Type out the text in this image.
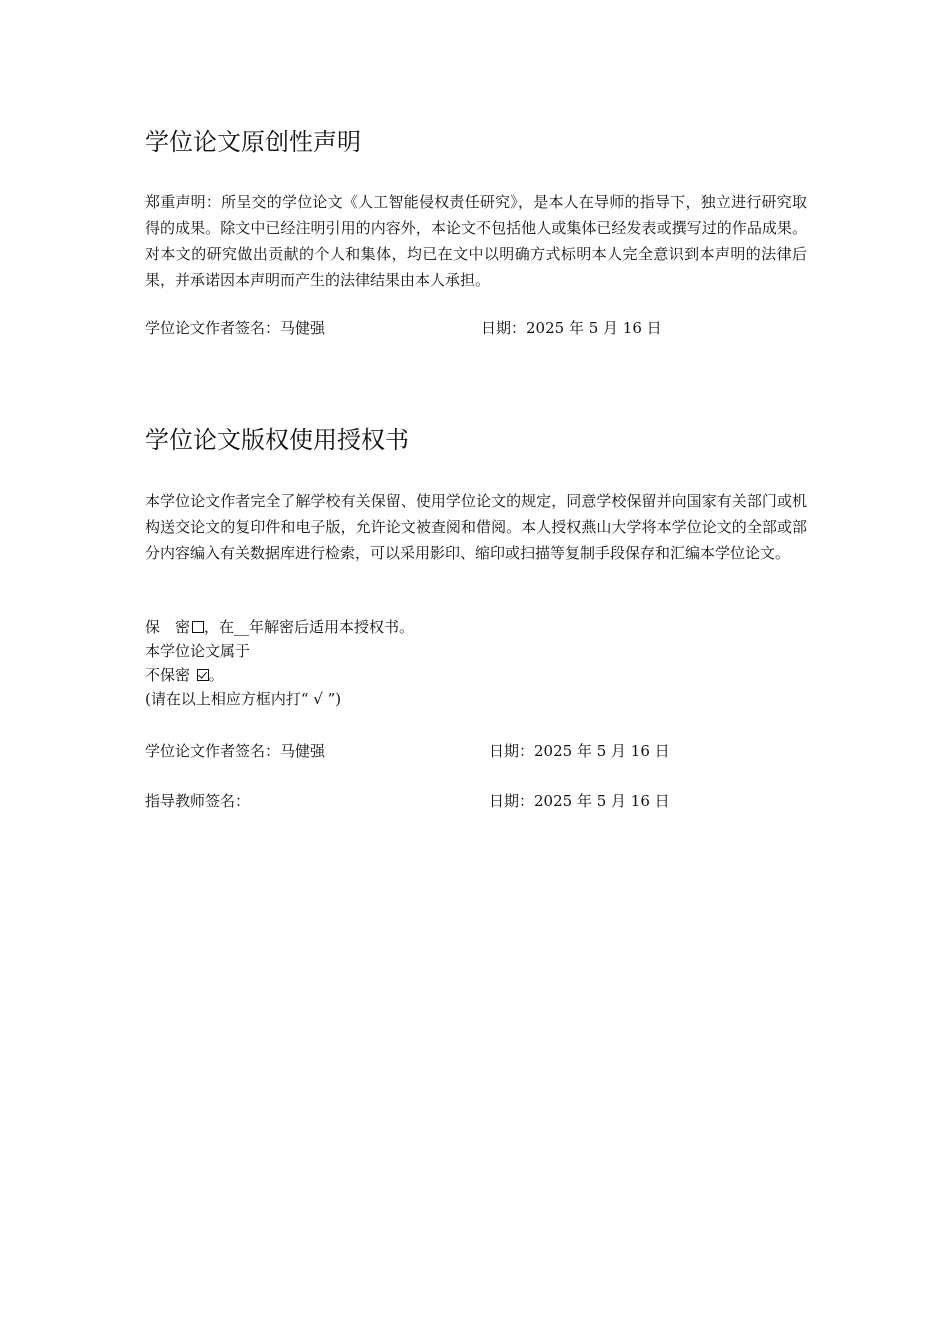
学位论文原创性声明
郑重声明：所呈交的学位论文《人工智能侵权责任研究》，是本人在导师的指导下，独立进行研究取得的成果。除文中已经注明引用的内容外，本论文不包括他人或集体已经发表或撰写过的作品成果。对本文的研究做出贡献的个人和集体，均已在文中以明确方式标明本人完全意识到本声明的法律后果，并承诺因本声明而产生的法律结果由本人承担。
学位论文作者签名：马健强	日期：2025 年 5 月 16 日
学位论文版权使用授权书
本学位论文作者完全了解学校有关保留、使用学位论文的规定，同意学校保留并向国家有关部门或机构送交论文的复印件和电子版，允许论文被查阅和借阅。本人授权燕山大学将本学位论文的全部或部分内容编入有关数据库进行检索，可以采用影印、缩印或扫描等复制手段保存和汇编本学位论文。
保　密 ，在__年解密后适用本授权书。
本学位论文属于
不保密 。
(请在以上相应方框内打“ √ ”)
学位论文作者签名：马健强	日期：2025 年 5 月 16 日
指导教师签名：	日期：2025 年 5 月 16 日
